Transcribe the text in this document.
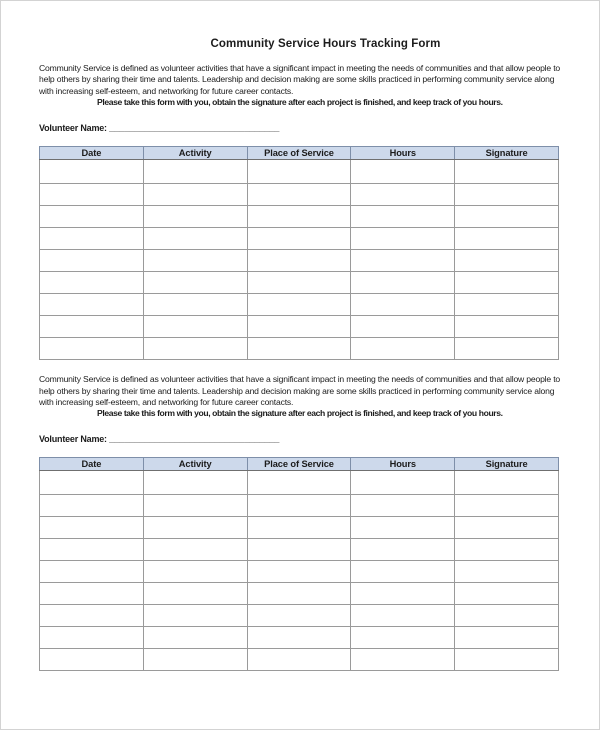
Community Service Hours Tracking Form

Community Service is defined as volunteer activities that have a significant impact in meeting the needs of communities and that allow people to help others by sharing their time and talents. Leadership and decision making are some skills practiced in performing community service along with increasing self-esteem, and networking for future career contacts.

Please take this form with you, obtain the signature after each project is finished, and keep track of you hours.

Volunteer Name: __________________________________

Date	Activity	Place of Service	Hours	Signature

Community Service is defined as volunteer activities that have a significant impact in meeting the needs of communities and that allow people to help others by sharing their time and talents. Leadership and decision making are some skills practiced in performing community service along with increasing self-esteem, and networking for future career contacts.

Please take this form with you, obtain the signature after each project is finished, and keep track of you hours.

Volunteer Name: __________________________________

Date	Activity	Place of Service	Hours	Signature
